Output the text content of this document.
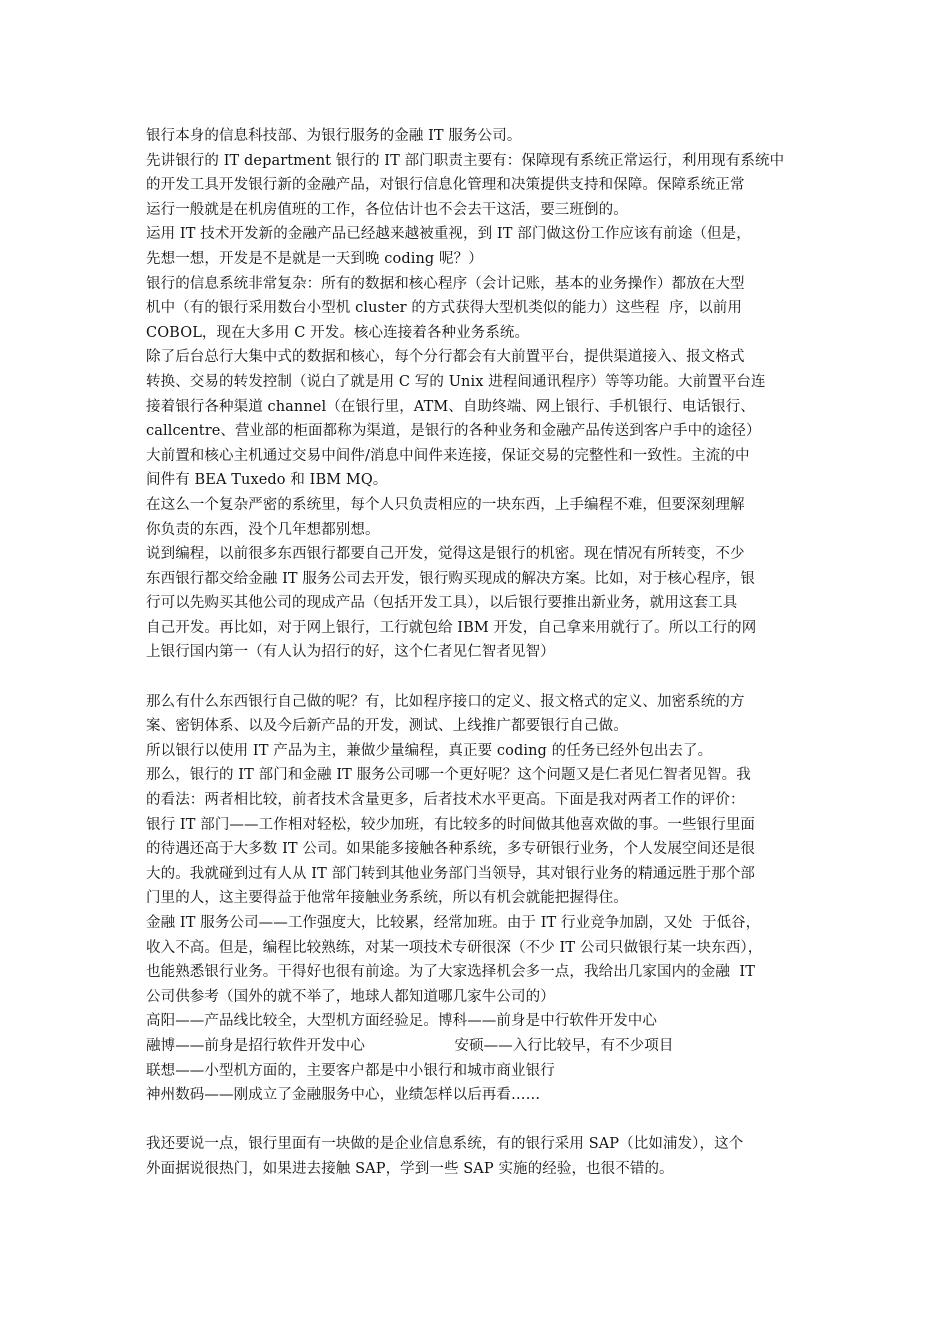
银行本身的信息科技部、为银行服务的金融 IT 服务公司。
先讲银行的 IT department 银行的 IT 部门职责主要有：保障现有系统正常运行，利用现有系统中
的开发工具开发银行新的金融产品，对银行信息化管理和决策提供支持和保障。保障系统正常
运行一般就是在机房值班的工作，各位估计也不会去干这活，要三班倒的。
运用 IT 技术开发新的金融产品已经越来越被重视，到 IT 部门做这份工作应该有前途（但是，
先想一想，开发是不是就是一天到晚 coding 呢？）
银行的信息系统非常复杂：所有的数据和核心程序（会计记账，基本的业务操作）都放在大型
机中（有的银行采用数台小型机 cluster 的方式获得大型机类似的能力）这些程  序，以前用
COBOL，现在大多用 C 开发。核心连接着各种业务系统。
除了后台总行大集中式的数据和核心，每个分行都会有大前置平台，提供渠道接入、报文格式
转换、交易的转发控制（说白了就是用 C 写的 Unix 进程间通讯程序）等等功能。大前置平台连
接着银行各种渠道 channel（在银行里，ATM、自助终端、网上银行、手机银行、电话银行、
callcentre、营业部的柜面都称为渠道，是银行的各种业务和金融产品传送到客户手中的途径）
大前置和核心主机通过交易中间件/消息中间件来连接，保证交易的完整性和一致性。主流的中
间件有 BEA Tuxedo 和 IBM MQ。
在这么一个复杂严密的系统里，每个人只负责相应的一块东西，上手编程不难，但要深刻理解
你负责的东西，没个几年想都别想。
说到编程，以前很多东西银行都要自己开发，觉得这是银行的机密。现在情况有所转变，不少
东西银行都交给金融 IT 服务公司去开发，银行购买现成的解决方案。比如，对于核心程序，银
行可以先购买其他公司的现成产品（包括开发工具），以后银行要推出新业务，就用这套工具
自己开发。再比如，对于网上银行，工行就包给 IBM 开发，自己拿来用就行了。所以工行的网
上银行国内第一（有人认为招行的好，这个仁者见仁智者见智）
那么有什么东西银行自己做的呢？有，比如程序接口的定义、报文格式的定义、加密系统的方
案、密钥体系、以及今后新产品的开发，测试、上线推广都要银行自己做。
所以银行以使用 IT 产品为主，兼做少量编程，真正要 coding 的任务已经外包出去了。
那么，银行的 IT 部门和金融 IT 服务公司哪一个更好呢？这个问题又是仁者见仁智者见智。我
的看法：两者相比较，前者技术含量更多，后者技术水平更高。下面是我对两者工作的评价：
银行 IT 部门——工作相对轻松，较少加班，有比较多的时间做其他喜欢做的事。一些银行里面
的待遇还高于大多数 IT 公司。如果能多接触各种系统，多专研银行业务，个人发展空间还是很
大的。我就碰到过有人从 IT 部门转到其他业务部门当领导，其对银行业务的精通远胜于那个部
门里的人，这主要得益于他常年接触业务系统，所以有机会就能把握得住。
金融 IT 服务公司——工作强度大，比较累，经常加班。由于 IT 行业竞争加剧，又处  于低谷，
收入不高。但是，编程比较熟练，对某一项技术专研很深（不少 IT 公司只做银行某一块东西），
也能熟悉银行业务。干得好也很有前途。为了大家选择机会多一点，我给出几家国内的金融  IT
公司供参考（国外的就不举了，地球人都知道哪几家牛公司的）
高阳——产品线比较全，大型机方面经验足。博科——前身是中行软件开发中心
融博——前身是招行软件开发中心                   安硕——入行比较早，有不少项目
联想——小型机方面的，主要客户都是中小银行和城市商业银行
神州数码——刚成立了金融服务中心，业绩怎样以后再看……
我还要说一点，银行里面有一块做的是企业信息系统，有的银行采用 SAP（比如浦发），这个
外面据说很热门，如果进去接触 SAP，学到一些 SAP 实施的经验，也很不错的。
